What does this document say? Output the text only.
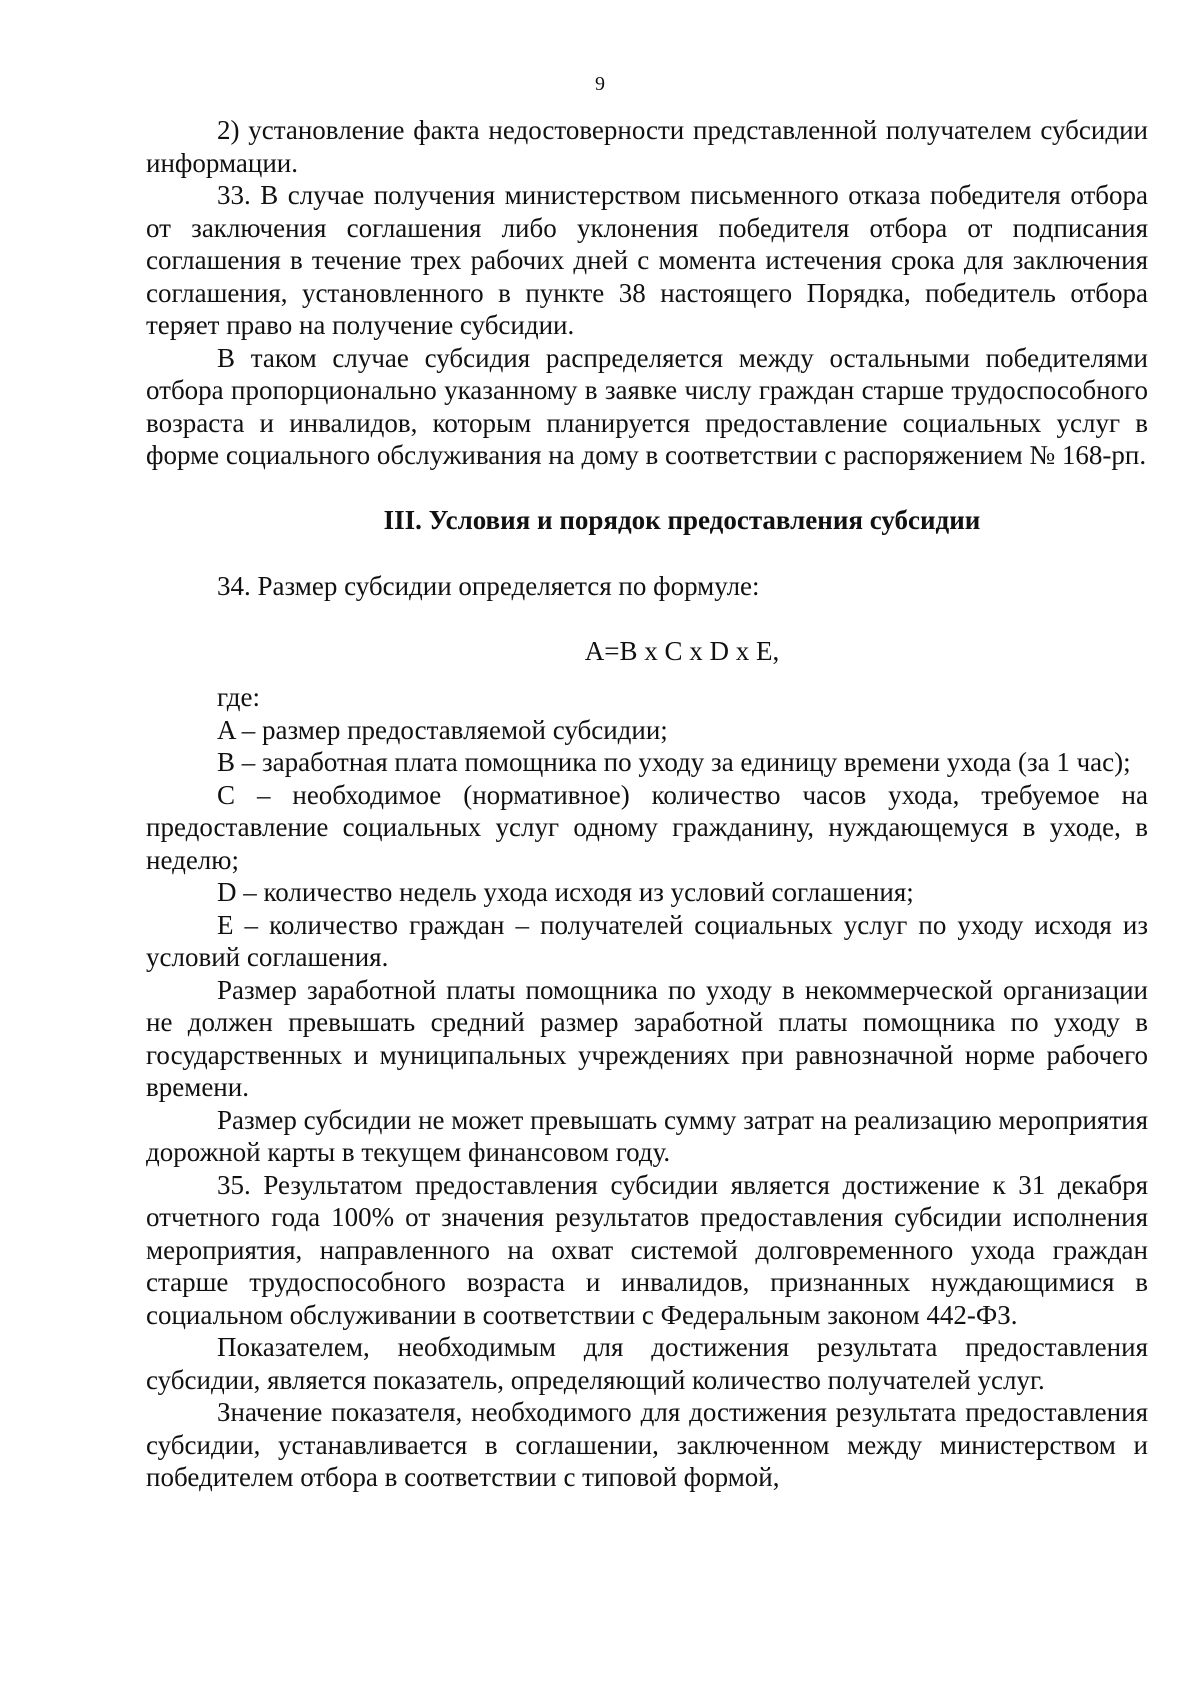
9

2) установление факта недостоверности представленной получателем субсидии информации.

33. В случае получения министерством письменного отказа победителя отбора от заключения соглашения либо уклонения победителя отбора от подписания соглашения в течение трех рабочих дней с момента истечения срока для заключения соглашения, установленного в пункте 38 настоящего Порядка, победитель отбора теряет право на получение субсидии.

В таком случае субсидия распределяется между остальными победителями отбора пропорционально указанному в заявке числу граждан старше трудоспособного возраста и инвалидов, которым планируется предоставление социальных услуг в форме социального обслуживания на дому в соответствии с распоряжением № 168-рп.

III. Условия и порядок предоставления субсидии

34. Размер субсидии определяется по формуле:

A=B x C x D x E,

где:

A – размер предоставляемой субсидии;

B – заработная плата помощника по уходу за единицу времени ухода (за 1 час);

C – необходимое (нормативное) количество часов ухода, требуемое на предоставление социальных услуг одному гражданину, нуждающемуся в уходе, в неделю;

D – количество недель ухода исходя из условий соглашения;

E – количество граждан – получателей социальных услуг по уходу исходя из условий соглашения.

Размер заработной платы помощника по уходу в некоммерческой организации не должен превышать средний размер заработной платы помощника по уходу в государственных и муниципальных учреждениях при равнозначной норме рабочего времени.

Размер субсидии не может превышать сумму затрат на реализацию мероприятия дорожной карты в текущем финансовом году.

35. Результатом предоставления субсидии является достижение к 31 декабря отчетного года 100% от значения результатов предоставления субсидии исполнения мероприятия, направленного на охват системой долговременного ухода граждан старше трудоспособного возраста и инвалидов, признанных нуждающимися в социальном обслуживании в соответствии с Федеральным законом 442-ФЗ.

Показателем, необходимым для достижения результата предоставления субсидии, является показатель, определяющий количество получателей услуг.

Значение показателя, необходимого для достижения результата предоставления субсидии, устанавливается в соглашении, заключенном между министерством и победителем отбора в соответствии с типовой формой,
